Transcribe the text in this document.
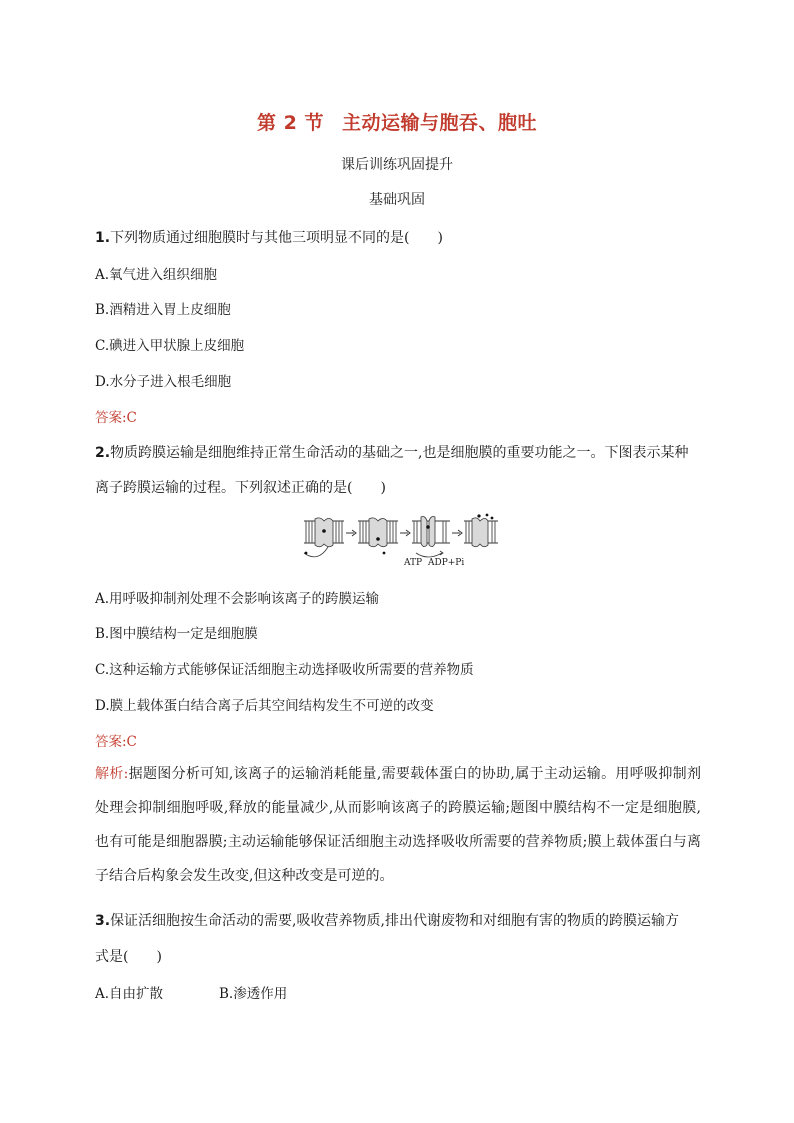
第 2 节 主动运输与胞吞、胞吐
课后训练巩固提升
基础巩固
1.下列物质通过细胞膜时与其他三项明显不同的是(　　)
A.氧气进入组织细胞
B.酒精进入胃上皮细胞
C.碘进入甲状腺上皮细胞
D.水分子进入根毛细胞
答案:C
2.物质跨膜运输是细胞维持正常生命活动的基础之一,也是细胞膜的重要功能之一。下图表示某种
离子跨膜运输的过程。下列叙述正确的是(　　)
ATP ADP+Pi
A.用呼吸抑制剂处理不会影响该离子的跨膜运输
B.图中膜结构一定是细胞膜
C.这种运输方式能够保证活细胞主动选择吸收所需要的营养物质
D.膜上载体蛋白结合离子后其空间结构发生不可逆的改变
答案:C
解析:据题图分析可知,该离子的运输消耗能量,需要载体蛋白的协助,属于主动运输。用呼吸抑制剂处理会抑制细胞呼吸,释放的能量减少,从而影响该离子的跨膜运输;题图中膜结构不一定是细胞膜,也有可能是细胞器膜;主动运输能够保证活细胞主动选择吸收所需要的营养物质;膜上载体蛋白与离子结合后构象会发生改变,但这种改变是可逆的。
3.保证活细胞按生命活动的需要,吸收营养物质,排出代谢废物和对细胞有害的物质的跨膜运输方
式是(　　)
A.自由扩散	B.渗透作用
